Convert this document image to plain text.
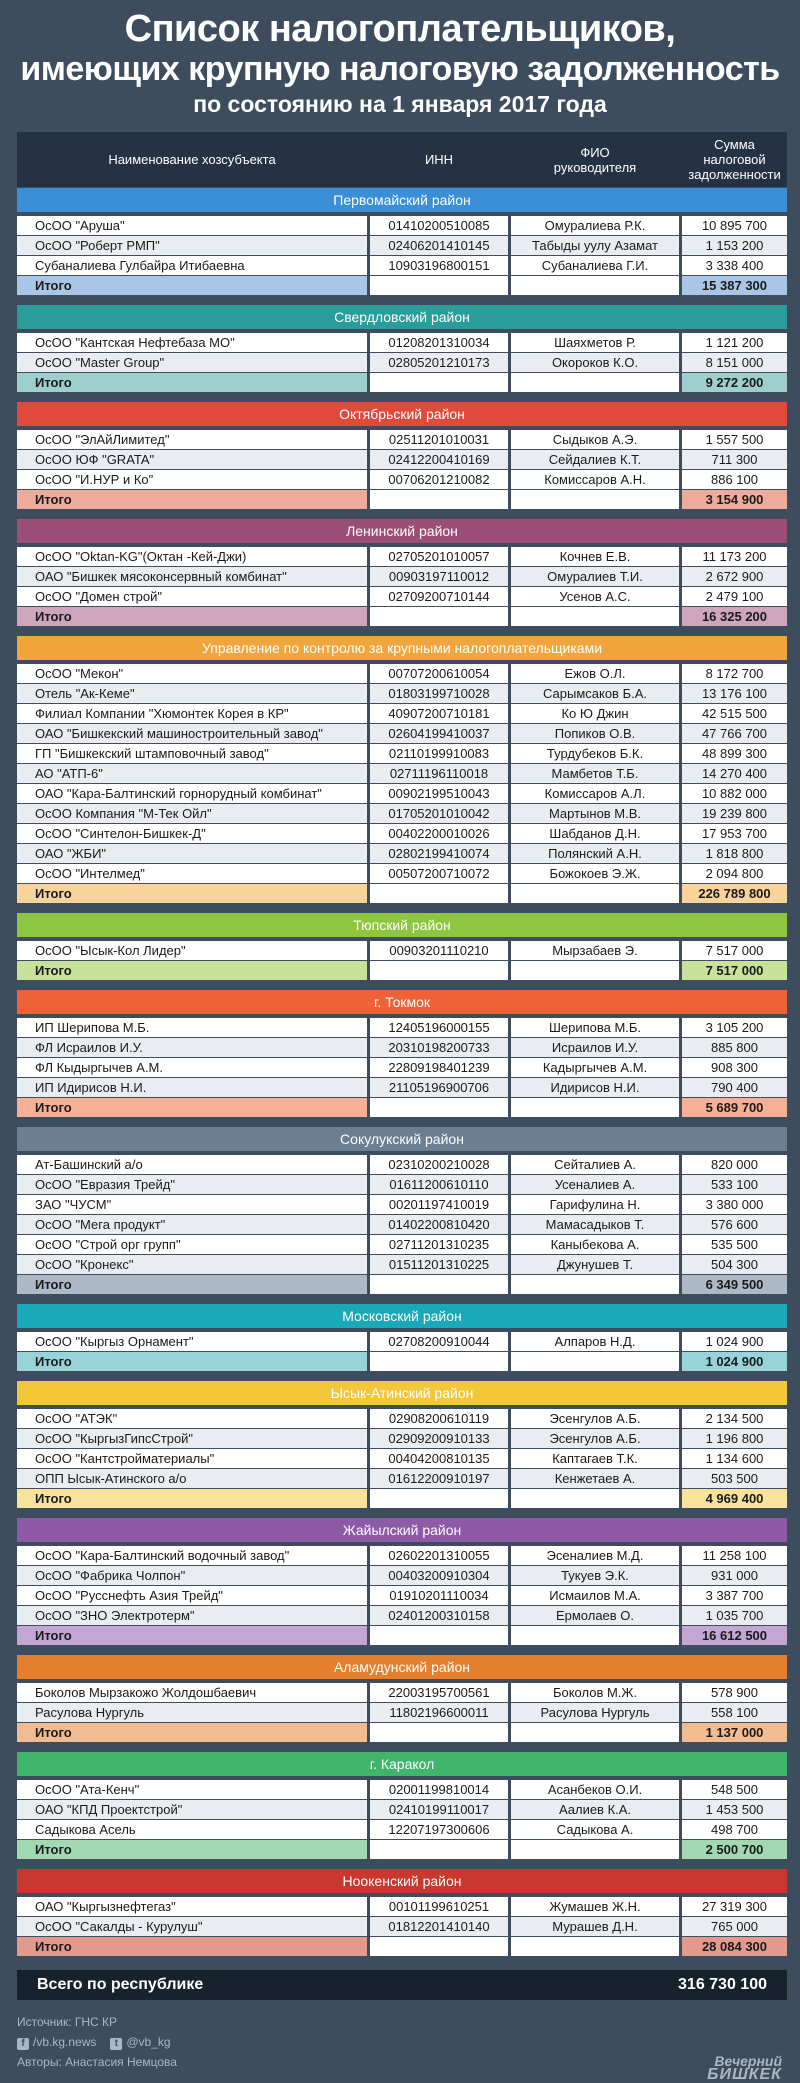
Список налогоплательщиков,
имеющих крупную налоговую задолженность
по состоянию на 1 января 2017 года
Наименование хозсубъекта	ИНН	ФИО руководителя
Сумма налоговой задолженности
Первомайский район
ОсОО "Аруша"	01410200510085	Омуралиева Р.К.	10 895 700
ОсОО "Роберт РМП"	02406201410145	Табыды уулу Азамат	1 153 200
Субаналиева Гулбайра Итибаевна	10903196800151	Субаналиева Г.И.	3 338 400
Итого	15 387 300
Свердловский район
ОсОО "Кантская Нефтебаза МО"	01208201310034	Шаяхметов Р.	1 121 200
ОсОО "Master Group"	02805201210173	Окороков К.О.	8 151 000
Итого	9 272 200
Октябрьский район
ОсОО "ЭлАйЛимитед"	02511201010031	Сыдыков А.Э.	1 557 500
ОсОО ЮФ "GRATA"	02412200410169	Сейдалиев К.Т.	711 300
ОсОО "И.НУР и Ко"	00706201210082	Комиссаров А.Н.	886 100
Итого	3 154 900
Ленинский район
ОсОО "Oktan-KG"(Октан -Кей-Джи)	02705201010057	Кочнев Е.В.	11 173 200
ОАО "Бишкек мясоконсервный комбинат"	00903197110012	Омуралиев Т.И.	2 672 900
ОсОО "Домен строй"	02709200710144	Усенов А.С.	2 479 100
Итого	16 325 200
Управление по контролю за крупными налогоплательщиками
ОсОО "Мекон"	00707200610054	Ежов О.Л.	8 172 700
Отель "Ак-Кеме"	01803199710028	Сарымсаков Б.А.	13 176 100
Филиал Компании "Хюмонтек Корея в КР"	40907200710181	Ко Ю Джин	42 515 500
ОАО "Бишкекский машиностроительный завод"	02604199410037	Попиков О.В.	47 766 700
ГП "Бишкекский штамповочный завод"	02110199910083	Турдубеков Б.К.	48 899 300
АО "АТП-6"	02711196110018	Мамбетов Т.Б.	14 270 400
ОАО "Кара-Балтинский горнорудный комбинат"	00902199510043	Комиссаров А.Л.	10 882 000
ОсОО Компания "М-Тек Ойл"	01705201010042	Мартынов М.В.	19 239 800
ОсОО "Синтелон-Бишкек-Д"	00402200010026	Шабданов Д.Н.	17 953 700
ОАО "ЖБИ"	02802199410074	Полянский А.Н.	1 818 800
ОсОО "Интелмед"	00507200710072	Божокоев Э.Ж.	2 094 800
Итого	226 789 800
Тюпский район
ОсОО "Ысык-Кол Лидер"	00903201110210	Мырзабаев Э.	7 517 000
Итого	7 517 000
г. Токмок
ИП Шерипова М.Б.	12405196000155	Шерипова М.Б.	3 105 200
ФЛ Исраилов И.У.	20310198200733	Исраилов И.У.	885 800
ФЛ Кыдыргычев А.М.	22809198401239	Кадыргычев А.М.	908 300
ИП Идирисов Н.И.	21105196900706	Идирисов Н.И.	790 400
Итого	5 689 700
Сокулукский район
Ат-Башинский а/о	02310200210028	Сейталиев А.	820 000
ОсОО "Евразия Трейд"	01611200610110	Усеналиев А.	533 100
ЗАО "ЧУСМ"	00201197410019	Гарифулина Н.	3 380 000
ОсОО "Мега продукт"	01402200810420	Мамасадыков Т.	576 600
ОсОО "Строй орг групп"	02711201310235	Каныбекова А.	535 500
ОсОО "Кронекс"	01511201310225	Джунушев Т.	504 300
Итого	6 349 500
Московский район
ОсОО "Кыргыз Орнамент"	02708200910044	Алпаров Н.Д.	1 024 900
Итого	1 024 900
Ысык-Атинский район
ОсОО "АТЭК"	02908200610119	Эсенгулов А.Б.	2 134 500
ОсОО "КыргызГипсСтрой"	02909200910133	Эсенгулов А.Б.	1 196 800
ОсОО "Кантстройматериалы"	00404200810135	Каптагаев Т.К.	1 134 600
ОПП Ысык-Атинского а/о	01612200910197	Кенжетаев А.	503 500
Итого	4 969 400
Жайылский район
ОсОО "Кара-Балтинский водочный завод"	02602201310055	Эсеналиев М.Д.	11 258 100
ОсОО "Фабрика Чолпон"	00403200910304	Тукуев Э.К.	931 000
ОсОО "Русснефть Азия Трейд"	01910201110034	Исмаилов М.А.	3 387 700
ОсОО "ЗНО Электротерм"	02401200310158	Ермолаев О.	1 035 700
Итого	16 612 500
Аламудунский район
Боколов Мырзакожо Жолдошбаевич	22003195700561	Боколов М.Ж.	578 900
Расулова Нургуль	11802196600011	Расулова Нургуль	558 100
Итого	1 137 000
г. Каракол
ОсОО "Ата-Кенч"	02001199810014	Асанбеков О.И.	548 500
ОАО "КПД Проектстрой"	02410199110017	Аалиев К.А.	1 453 500
Садыкова Асель	12207197300606	Садыкова А.	498 700
Итого	2 500 700
Ноокенский район
ОАО "Кыргызнефтегаз"	00101199610251	Жумашев Ж.Н.	27 319 300
ОсОО "Сакалды - Курулуш"	01812201410140	Мурашев Д.Н.	765 000
Итого	28 084 300
Всего по республике	316 730 100
Источник: ГНС КР
f /vb.kg.news	t @vb_kg
Авторы: Анастасия Немцова	Вечерний
БИШКЕК
